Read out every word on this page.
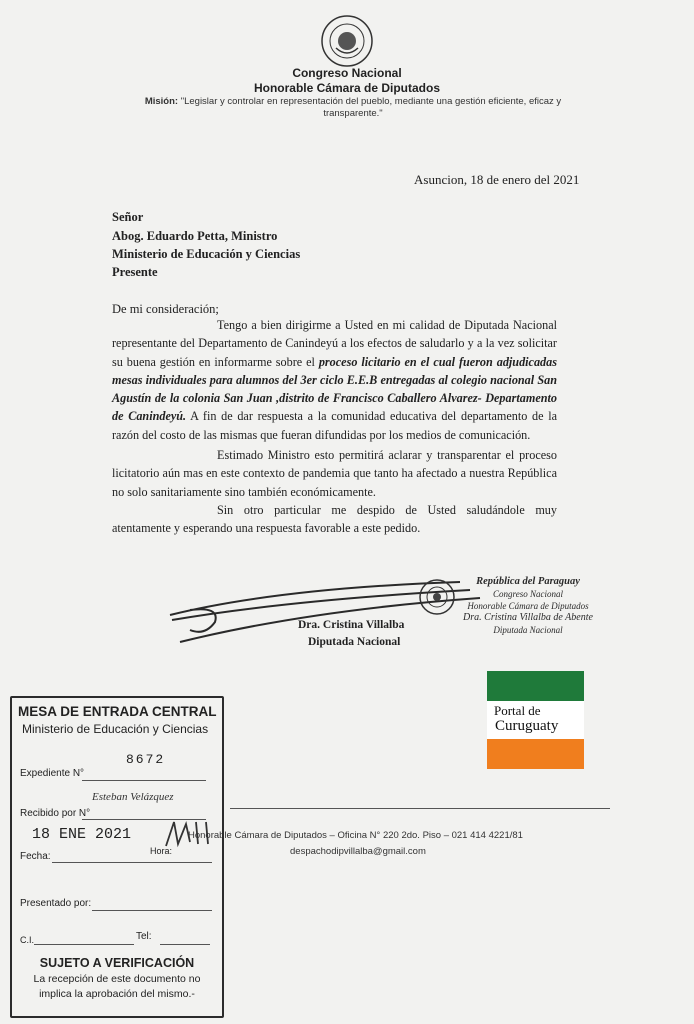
Congreso Nacional
Honorable Cámara de Diputados
Misión: "Legislar y controlar en representación del pueblo, mediante una gestión eficiente, eficaz y transparente."
Asuncion, 18 de enero del 2021
Señor
Abog. Eduardo Petta, Ministro
Ministerio de Educación y Ciencias
Presente
De mi consideración;

Tengo a bien dirigirme a Usted en mi calidad de Diputada Nacional representante del Departamento de Canindeyú a los efectos de saludarlo y a la vez solicitar su buena gestión en informarme sobre el proceso licitario en el cual fueron adjudicadas mesas individuales para alumnos del 3er ciclo E.E.B entregadas al colegio nacional San Agustín de la colonia San Juan ,distrito de Francisco Caballero Alvarez- Departamento de Canindeyú. A fin de dar respuesta a la comunidad educativa del departamento de la razón del costo de las mismas que fueran difundidas por los medios de comunicación.

Estimado Ministro esto permitirá aclarar y transparentar el proceso licitatorio aún mas en este contexto de pandemia que tanto ha afectado a nuestra República no solo sanitariamente sino también económicamente.

Sin otro particular me despido de Usted saludándole muy atentamente y esperando una respuesta favorable a este pedido.

Dra. Cristina Villalba
Diputada Nacional
República del Paraguay
Congreso Nacional
Honorable Cámara de Diputados
Dra. Cristina Villalba de Abente
Diputada Nacional
Portal de
Curuguaty
Honorable Cámara de Diputados – Oficina N° 220 2do. Piso – 021 414 4221/81
despachodipvillalba@gmail.com
MESA DE ENTRADA CENTRAL
Ministerio de Educación y Ciencias
Expediente N°
8672
Recibido por N°
Esteban Velázquez
18 ENE 2021
Fecha:	Hora:
Presentado por:
C.I.	Tel:
SUJETO A VERIFICACIÓN
La recepción de este documento no
implica la aprobación del mismo.-
